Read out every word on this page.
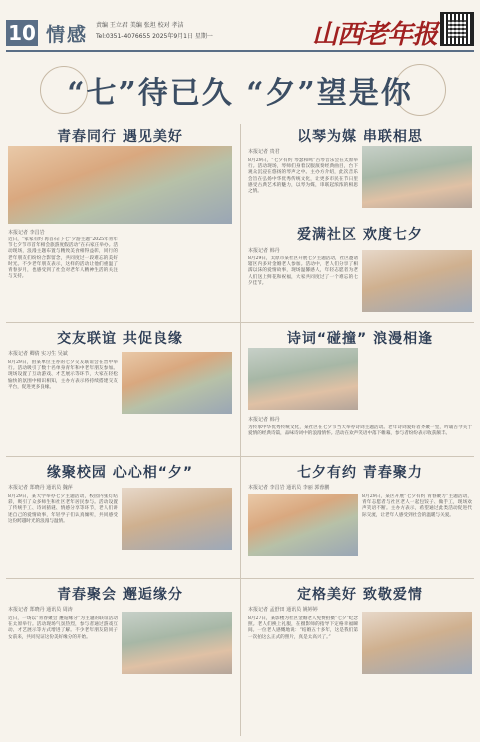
10 情感 责编 王立君 美编 张坦 校对 孝洁
Tel:0351-4076655 2025年9月1日 星期一	山西老年报
“七”待已久 “夕”望是你
青春同行 遇见美好
本报记者 李昌岩
近日，“家家有约 再首石门·七”夕游主题“2025年青年节七夕节市首年相会旅游度假活动”在石家庄举办。活动现场，浪漫主题布置与精致美食相得益彰，同行的老年朋友们纷纷合影留念，共同度过一段难忘的美好时光。不少老年朋友表示，这样的活动让他们重温了青春岁月，也感受到了社会对老年人精神生活的关注与支持。
以琴为媒 串联相思
本报记者 贵君
8月29日，“七夕有约 琴瑟和鸣”古琴音乐会在太原举行。活动现场，琴师们身着汉服演奏经典曲目，台下观众沉浸在悠扬的琴声之中。主办方介绍，此次音乐会旨在弘扬中华优秀传统文化，让更多市民在节日里感受古典艺术的魅力，以琴为媒，串联起浓浓的相思之情。
爱满社区 欢度七夕
本报记者 韩丹
8月29日，太原市某社区开展七夕主题活动，社区邀请辖区内多对金婚老人参加。活动中，老人们分享了相濡以沫的爱情故事，现场温馨感人，年轻志愿者为老人们送上鲜花和祝福，大家共同度过了一个难忘的七夕佳节。
交友联谊 共促良缘
本报记者 卿倩 实习生 吴斌
8月29日，由某单位主办的七夕交友联谊会在晋中举行。活动吸引了数十名单身青年和中老年朋友参加。现场设置了互动游戏、才艺展示等环节，大家在轻松愉快的氛围中相识相知，主办方表示将持续搭建交友平台，促进更多良缘。
诗词“碰撞” 浪漫相逢
本报记者 韩丹
为传承中华优秀传统文化，某社区在七夕节当天举办诗词主题活动。老年诗词爱好者齐聚一堂，吟诵古今关于爱情的经典诗篇，品味诗词中的浪漫情怀。活动在欢声笑语中落下帷幕，参与者纷纷表示收获颇丰。
缘聚校园 心心相“夕”
本报记者 郑晓丹 通讯员 魏萍
8月29日，某大学举办七夕主题活动，校园内张灯结彩，吸引了众多师生和社区老年居民参与。活动设置了传统手工、诗词猜谜、情感分享等环节，老人们讲述自己的爱情故事，年轻学子们认真倾听，共同感受这份跨越时光的浪漫与温情。
七夕有约 青春聚力
本报记者 李昌岩 通讯员 李丽 郭蓉鹏
8月29日，某区开展“七夕有约 青春聚力”主题活动，青年志愿者与社区老人一起包饺子、做手工，现场欢声笑语不断。主办方表示，希望通过此类活动促进代际交流，让老年人感受到社会的温暖与关爱。
青春聚会 邂逅缘分
本报记者 郑晓丹 通讯员 周涛
近日，一场以“青春聚会 邂逅缘分”为主题的联谊活动在太原举行。活动现场气氛热烈，参与者通过游戏互动、才艺展示等方式增进了解。不少老年朋友陪同子女前来，共同见证这份美好缘分的开始。
定格美好 致敬爱情
本报记者 孟舒田 通讯员 姚婷婷
8月27日，某影楼为社区金婚老人免费拍摄“七夕”纪念照。老人们换上礼服，在摄影师的指导下定格幸福瞬间。一位老人感慨地说：“结婚五十多年，这是我们第一次拍这么正式的照片，真是太高兴了。”
